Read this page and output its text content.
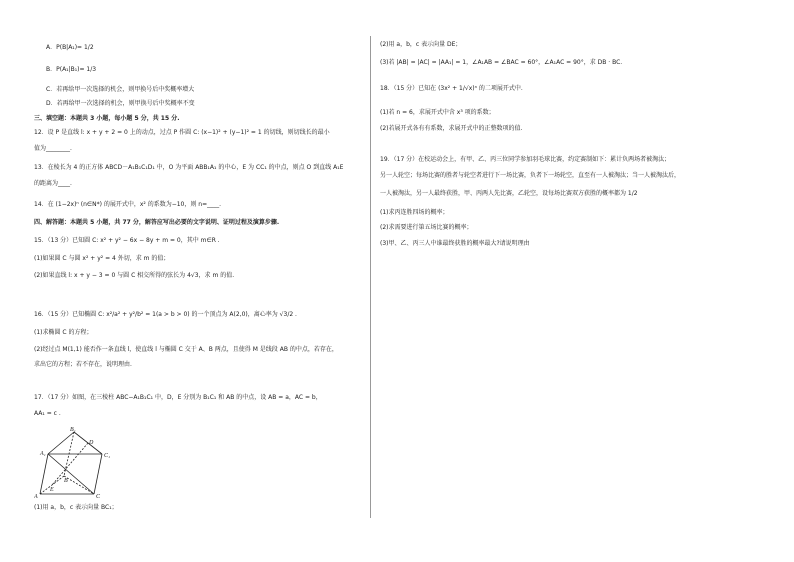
A．P(B|A₁)= 1/2
B．P(A₁|B₁)= 1/3
C．若再给甲一次选择的机会，则甲换号后中奖概率增大
D．若再给甲一次选择的机会，则甲换号后中奖概率不变
三、填空题：本题共 3 小题，每小题 5 分，共 15 分.
12．设 P 是直线 l: x + y + 2 = 0 上的动点，过点 P 作圆 C: (x−1)² + (y−1)² = 1 的切线，则切线长的最小
值为________.
13．在棱长为 4 的正方体 ABCD－A₁B₁C₁D₁ 中，O 为平面 ABB₁A₁ 的中心，E 为 CC₁ 的中点，则点 O 到直线 A₁E
的距离为____.
14．在 (1−2x)ⁿ (n∈N*) 的展开式中，x² 的系数为−10，则 n=____.
四、解答题：本题共 5 小题，共 77 分，解答应写出必要的文字说明、证明过程及演算步骤.
15．（13 分）已知圆 C: x² + y² − 6x − 8y + m = 0，其中 m∈R .
(1)如果圆 C 与圆 x² + y² = 4 外切，求 m 的值；
(2)如果直线 l: x + y − 3 = 0 与圆 C 相交所得的弦长为 4√3，求 m 的值.
16．（15 分）已知椭圆 C: x²/a² + y²/b² = 1(a > b > 0) 的一个顶点为 A(2,0)，离心率为 √3/2 .
(1)求椭圆 C 的方程；
(2)经过点 M(1,1) 能否作一条直线 l，使直线 l 与椭圆 C 交于 A、B 两点，且使得 M 是线段 AB 的中点，若存在，
求出它的方程；若不存在，说明理由.
17．（17 分）如图，在三棱柱 ABC−A₁B₁C₁ 中，D，E 分别为 B₁C₁ 和 AB 的中点，设 AB = a，AC = b，
AA₁ = c .
B₁
D
A₁	C₁
B
E
A	C
(1)用 a，b，c 表示向量 BC₁；
(2)用 a，b，c 表示向量 DE；
(3)若 |AB| = |AC| = |AA₁| = 1，∠A₁AB = ∠BAC = 60°，∠A₁AC = 90°，求 DB · BC.
18．（15 分）已知在 (3x² + 1/√x)ⁿ 的二项展开式中.
(1)若 n = 6，求展开式中含 x³ 项的系数；
(2)若展开式各有有系数，求展开式中的正整数项的值.
19．（17 分）在校运动会上，有甲、乙、丙三位同学参加羽毛球比赛，约定赛制如下：累计负两场者被淘汰；
另一人轮空；每场比赛的胜者与轮空者进行下一场比赛，负者下一场轮空，直至有一人被淘汰；当一人被淘汰后，
一人被淘汰，另一人最终获胜，甲、丙两人先比赛，乙轮空，设每场比赛双方获胜的概率都为 1/2
(1)求丙连胜四场的概率；
(2)求需要进行第五场比赛的概率；
(3)甲、乙、丙三人中谁最终获胜的概率最大?请说明理由
